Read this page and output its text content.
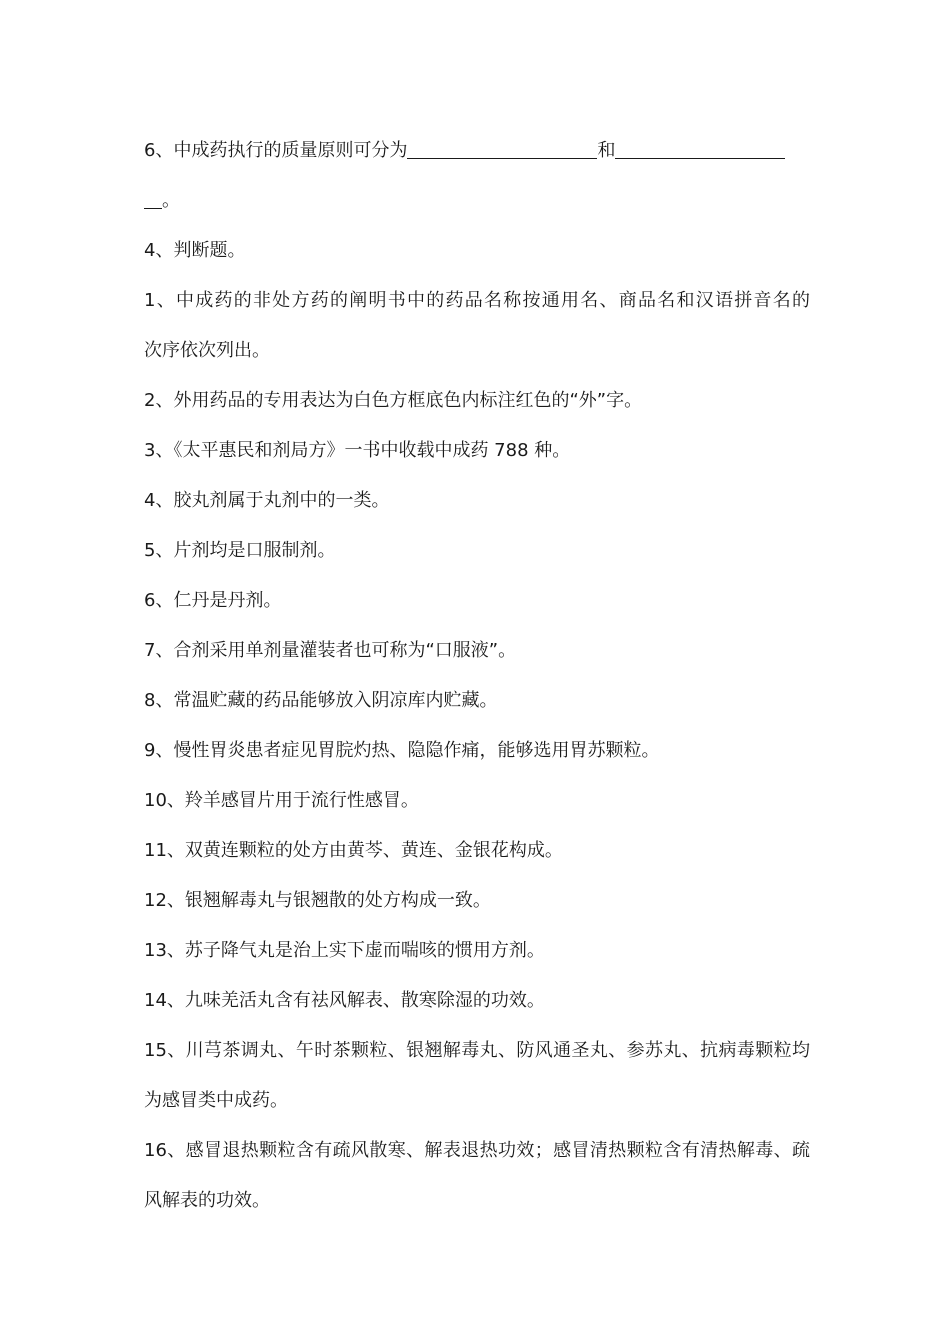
6、中成药执行的质量原则可分为	和
。
4、判断题。
1、中成药的非处方药的阐明书中的药品名称按通用名、商品名和汉语拼音名的
次序依次列出。
2、外用药品的专用表达为白色方框底色内标注红色的“外”字。
3、《太平惠民和剂局方》一书中收载中成药 788 种。
4、胶丸剂属于丸剂中的一类。
5、片剂均是口服制剂。
6、仁丹是丹剂。
7、合剂采用单剂量灌装者也可称为“口服液”。
8、常温贮藏的药品能够放入阴凉库内贮藏。
9、慢性胃炎患者症见胃脘灼热、隐隐作痛，能够选用胃苏颗粒。
10、羚羊感冒片用于流行性感冒。
11、双黄连颗粒的处方由黄芩、黄连、金银花构成。
12、银翘解毒丸与银翘散的处方构成一致。
13、苏子降气丸是治上实下虚而喘咳的惯用方剂。
14、九味羌活丸含有祛风解表、散寒除湿的功效。
15、川芎茶调丸、午时茶颗粒、银翘解毒丸、防风通圣丸、参苏丸、抗病毒颗粒均
为感冒类中成药。
16、感冒退热颗粒含有疏风散寒、解表退热功效；感冒清热颗粒含有清热解毒、疏
风解表的功效。
